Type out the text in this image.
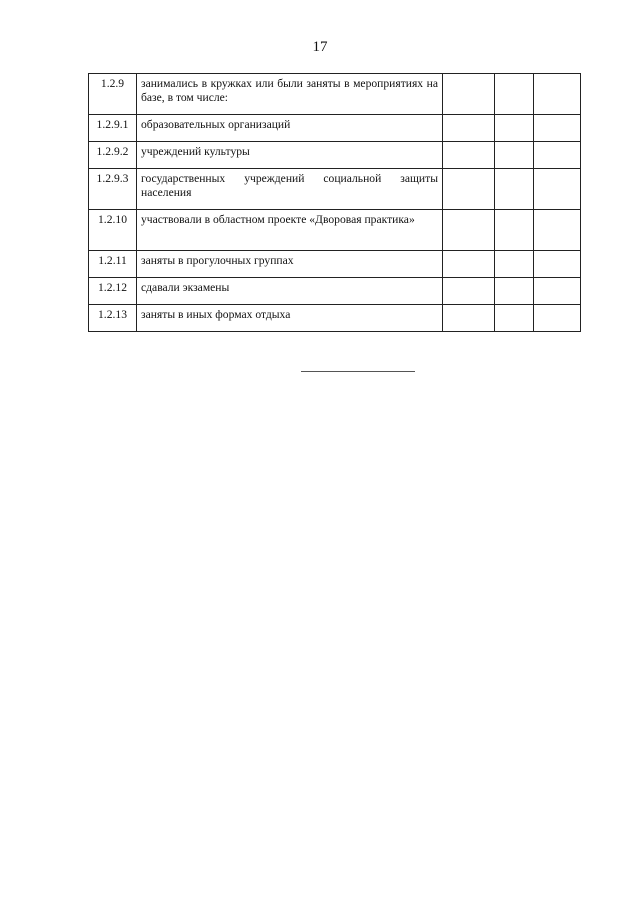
17
1.2.9	занимались в кружках или были заняты в мероприятиях на базе, в том числе:			

1.2.9.1	образовательных организаций			

1.2.9.2	учреждений культуры			

1.2.9.3	государственных учреждений социальной защиты населения			

1.2.10	участвовали в областном проекте «Дворовая практика»			

1.2.11	заняты в прогулочных группах			

1.2.12	сдавали экзамены			

1.2.13	заняты в иных формах отдыха			
